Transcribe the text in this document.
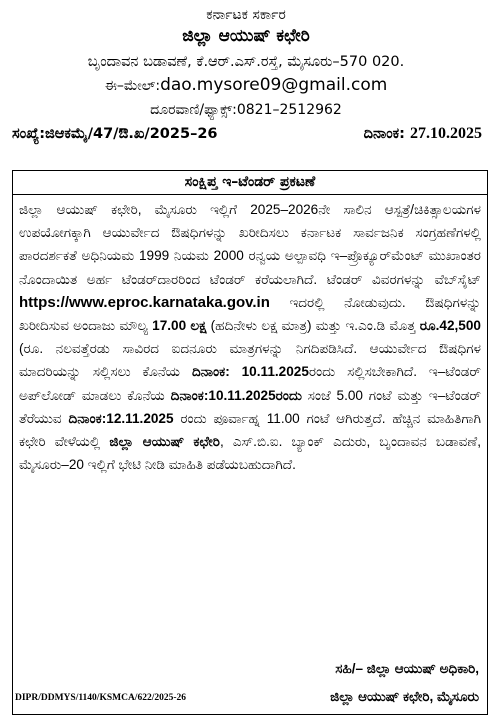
ಕರ್ನಾಟಕ ಸರ್ಕಾರ
ಜಿಲ್ಲಾ ಆಯುಷ್ ಕಛೇರಿ
ಬೃಂದಾವನ ಬಡಾವಣೆ, ಕೆ.ಆರ್.ಎಸ್.ರಸ್ತೆ, ಮೈಸೂರು–570 020.
ಈ–ಮೇಲ್:dao.mysore09@gmail.com
ದೂರವಾಣಿ/ಫ್ಯಾಕ್ಸ್:0821–2512962
ಸಂಖ್ಯೆ:ಜಿಆಕಮೈ/47/ಔ.ಖ/2025–26	ದಿನಾಂಕ: 27.10.2025
ಸಂಕ್ಷಿಪ್ತ ಇ–ಟೆಂಡರ್ ಪ್ರಕಟಣೆ
ಜಿಲ್ಲಾ ಆಯುಷ್ ಕಛೇರಿ, ಮೈಸೂರು ಇಲ್ಲಿಗೆ 2025–2026ನೇ ಸಾಲಿನ ಆಸ್ಪತ್ರೆ/ಚಿಕಿತ್ಸಾಲಯಗಳ ಉಪಯೋಗಕ್ಕಾಗಿ ಆಯುರ್ವೇದ ಔಷಧಿಗಳನ್ನು ಖರೀದಿಸಲು ಕರ್ನಾಟಕ ಸಾರ್ವಜನಿಕ ಸಂಗ್ರಹಣೆಗಳಲ್ಲಿ ಪಾರದರ್ಶಕತೆ ಅಧಿನಿಯಮ 1999 ನಿಯಮ 2000 ರನ್ವಯ ಅಲ್ಪಾವಧಿ ಇ–ಪ್ರೊಕ್ಯೂರ್‌ಮೆಂಟ್ ಮುಖಾಂತರ ನೊಂದಾಯಿತ ಅರ್ಹ ಟೆಂಡರ್‌ದಾರರಿಂದ ಟೆಂಡರ್ ಕರೆಯಲಾಗಿದೆ. ಟೆಂಡರ್ ವಿವರಗಳನ್ನು ವೆಬ್‌ಸೈಟ್ https://www.eproc.karnataka.gov.in ಇದರಲ್ಲಿ ನೋಡುವುದು. ಔಷಧಿಗಳನ್ನು ಖರೀದಿಸುವ ಅಂದಾಜು ಮೌಲ್ಯ 17.00 ಲಕ್ಷ (ಹದಿನೇಳು ಲಕ್ಷ ಮಾತ್ರ) ಮತ್ತು ಇ.ಎಂ.ಡಿ ಮೊತ್ತ ರೂ.42,500 (ರೂ. ನಲವತ್ತೆರಡು ಸಾವಿರದ ಐದನೂರು ಮಾತ್ರಗಳನ್ನು ನಿಗದಿಪಡಿಸಿದೆ. ಆಯುರ್ವೇದ ಔಷಧಿಗಳ ಮಾದರಿಯನ್ನು ಸಲ್ಲಿಸಲು ಕೊನೆಯ ದಿನಾಂಕ: 10.11.2025ರಂದು ಸಲ್ಲಿಸಬೇಕಾಗಿದೆ. ಇ–ಟೆಂಡರ್ ಅಪ್‌ಲೋಡ್ ಮಾಡಲು ಕೊನೆಯ ದಿನಾಂಕ:10.11.2025ರಂದು ಸಂಜೆ 5.00 ಗಂಟೆ ಮತ್ತು ಇ–ಟೆಂಡರ್ ತೆರೆಯುವ ದಿನಾಂಕ:12.11.2025 ರಂದು ಪೂರ್ವಾಹ್ನ 11.00 ಗಂಟೆ ಆಗಿರುತ್ತದೆ. ಹೆಚ್ಚಿನ ಮಾಹಿತಿಗಾಗಿ ಕಛೇರಿ ವೇಳೆಯಲ್ಲಿ ಜಿಲ್ಲಾ ಆಯುಷ್ ಕಛೇರಿ, ಎಸ್.ಬಿ.ಐ. ಬ್ಯಾಂಕ್ ಎದುರು, ಬೃಂದಾವನ ಬಡಾವಣೆ, ಮೈಸೂರು–20 ಇಲ್ಲಿಗೆ ಭೇಟಿ ನೀಡಿ ಮಾಹಿತಿ ಪಡೆಯಬಹುದಾಗಿದೆ.
ಸಹಿ/– ಜಿಲ್ಲಾ ಆಯುಷ್ ಅಧಿಕಾರಿ,
ಜಿಲ್ಲಾ ಆಯುಷ್ ಕಛೇರಿ, ಮೈಸೂರು
DIPR/DDMYS/1140/KSMCA/622/2025-26
